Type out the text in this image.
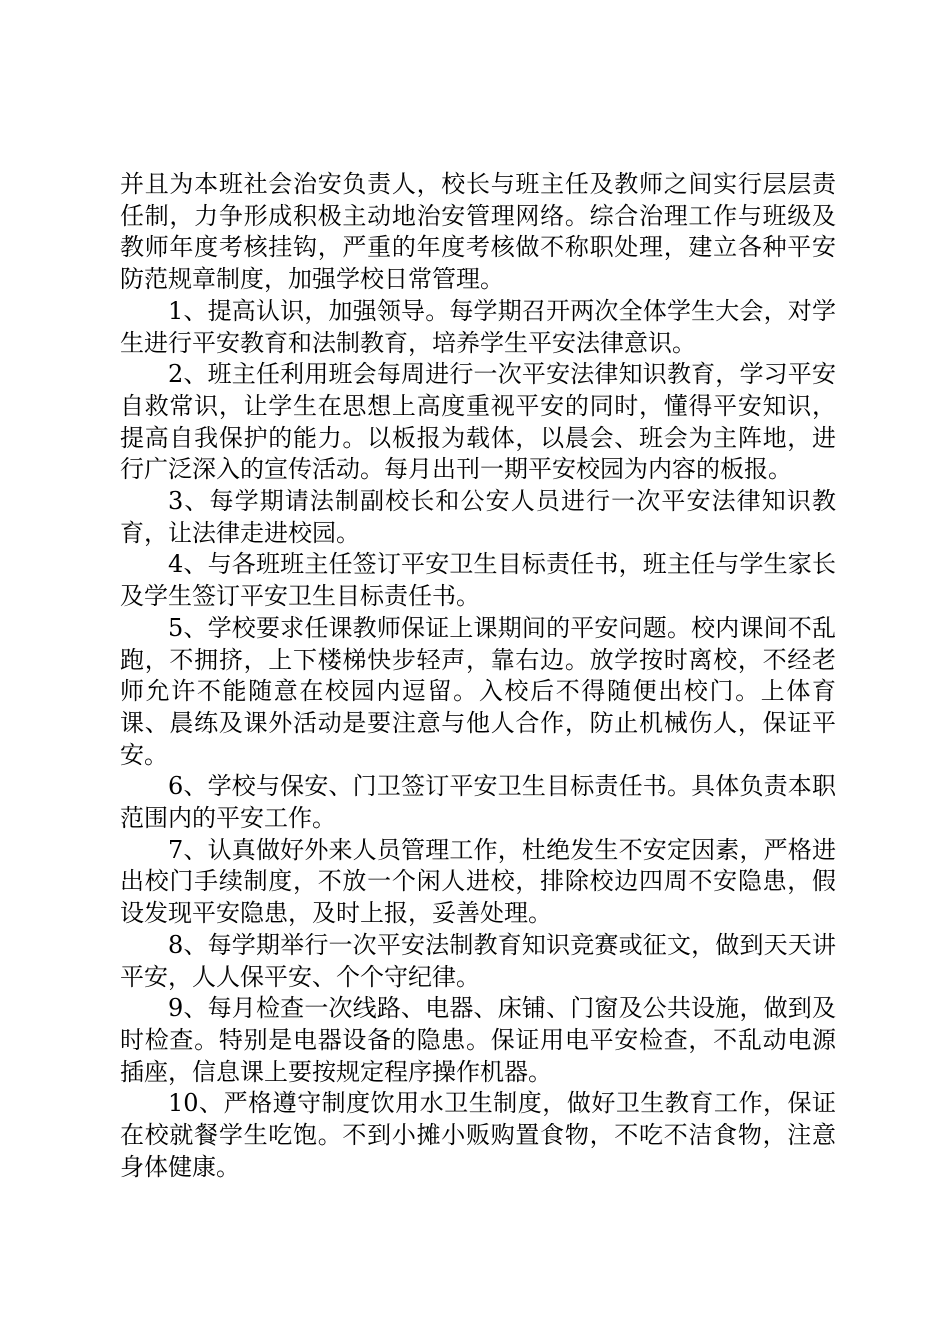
并且为本班社会治安负责人，校长与班主任及教师之间实行层层责任制，力争形成积极主动地治安管理网络。综合治理工作与班级及教师年度考核挂钩，严重的年度考核做不称职处理，建立各种平安防范规章制度，加强学校日常管理。

1、提高认识，加强领导。每学期召开两次全体学生大会，对学生进行平安教育和法制教育，培养学生平安法律意识。

2、班主任利用班会每周进行一次平安法律知识教育，学习平安自救常识，让学生在思想上高度重视平安的同时，懂得平安知识，提高自我保护的能力。以板报为载体，以晨会、班会为主阵地，进行广泛深入的宣传活动。每月出刊一期平安校园为内容的板报。

3、每学期请法制副校长和公安人员进行一次平安法律知识教育，让法律走进校园。

4、与各班班主任签订平安卫生目标责任书，班主任与学生家长及学生签订平安卫生目标责任书。

5、学校要求任课教师保证上课期间的平安问题。校内课间不乱跑，不拥挤，上下楼梯快步轻声，靠右边。放学按时离校，不经老师允许不能随意在校园内逗留。入校后不得随便出校门。上体育课、晨练及课外活动是要注意与他人合作，防止机械伤人，保证平安。

6、学校与保安、门卫签订平安卫生目标责任书。具体负责本职范围内的平安工作。

7、认真做好外来人员管理工作，杜绝发生不安定因素，严格进出校门手续制度，不放一个闲人进校，排除校边四周不安隐患，假设发现平安隐患，及时上报，妥善处理。

8、每学期举行一次平安法制教育知识竞赛或征文，做到天天讲平安，人人保平安、个个守纪律。

9、每月检查一次线路、电器、床铺、门窗及公共设施，做到及时检查。特别是电器设备的隐患。保证用电平安检查，不乱动电源插座，信息课上要按规定程序操作机器。

10、严格遵守制度饮用水卫生制度，做好卫生教育工作，保证在校就餐学生吃饱。不到小摊小贩购置食物，不吃不洁食物，注意身体健康。
